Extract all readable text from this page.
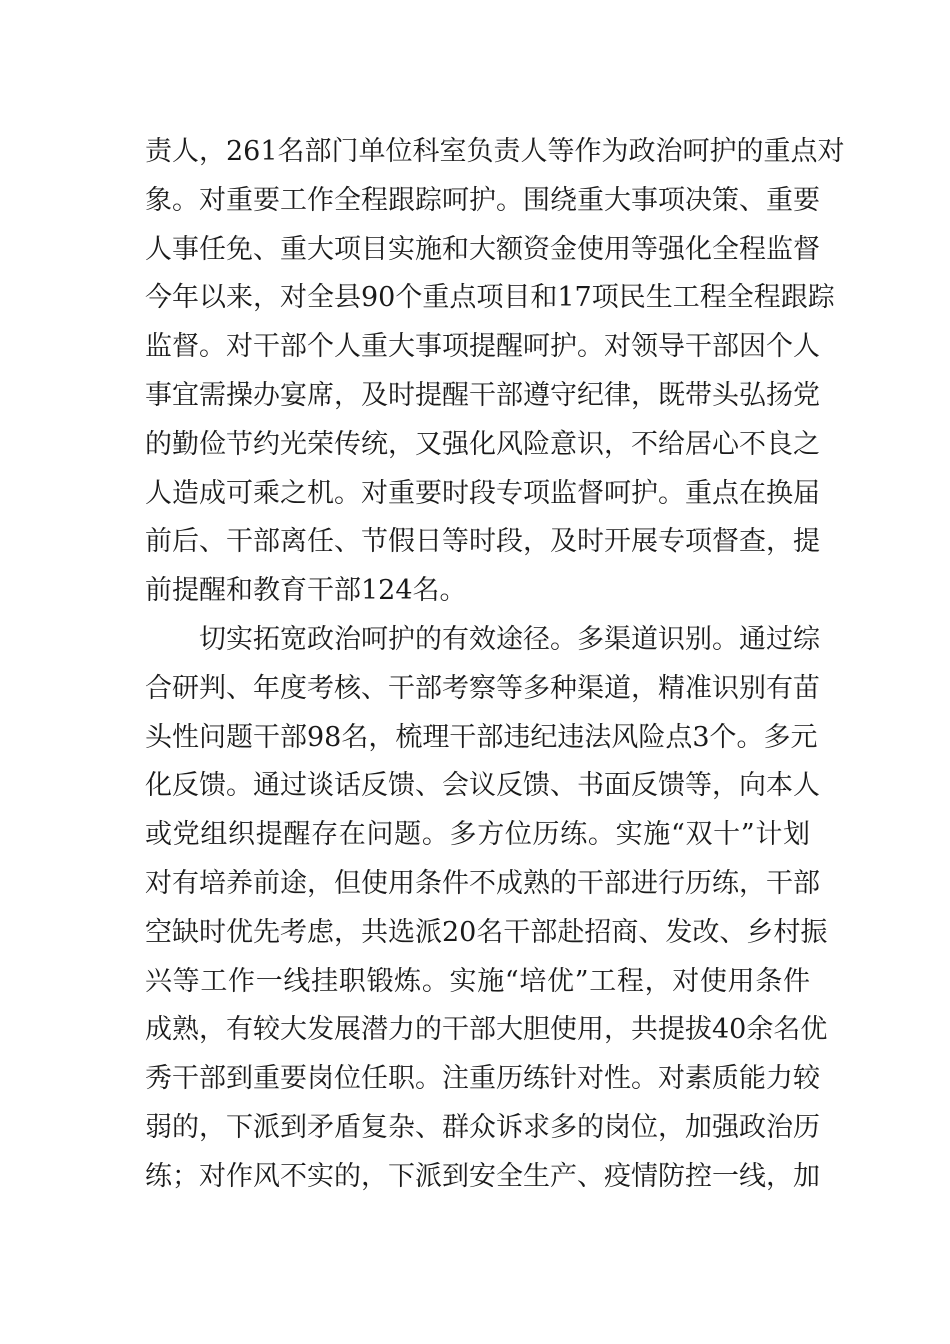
责人，261名部门单位科室负责人等作为政治呵护的重点对
象。对重要工作全程跟踪呵护。围绕重大事项决策、重要
人事任免、重大项目实施和大额资金使用等强化全程监督
今年以来，对全县90个重点项目和17项民生工程全程跟踪
监督。对干部个人重大事项提醒呵护。对领导干部因个人
事宜需操办宴席，及时提醒干部遵守纪律，既带头弘扬党
的勤俭节约光荣传统，又强化风险意识，不给居心不良之
人造成可乘之机。对重要时段专项监督呵护。重点在换届
前后、干部离任、节假日等时段，及时开展专项督查，提
前提醒和教育干部124名。
切实拓宽政治呵护的有效途径。多渠道识别。通过综
合研判、年度考核、干部考察等多种渠道，精准识别有苗
头性问题干部98名，梳理干部违纪违法风险点3个。多元
化反馈。通过谈话反馈、会议反馈、书面反馈等，向本人
或党组织提醒存在问题。多方位历练。实施“双十”计划
对有培养前途，但使用条件不成熟的干部进行历练，干部
空缺时优先考虑，共选派20名干部赴招商、发改、乡村振
兴等工作一线挂职锻炼。实施“培优”工程，对使用条件
成熟，有较大发展潜力的干部大胆使用，共提拔40余名优
秀干部到重要岗位任职。注重历练针对性。对素质能力较
弱的，下派到矛盾复杂、群众诉求多的岗位，加强政治历
练；对作风不实的，下派到安全生产、疫情防控一线，加
